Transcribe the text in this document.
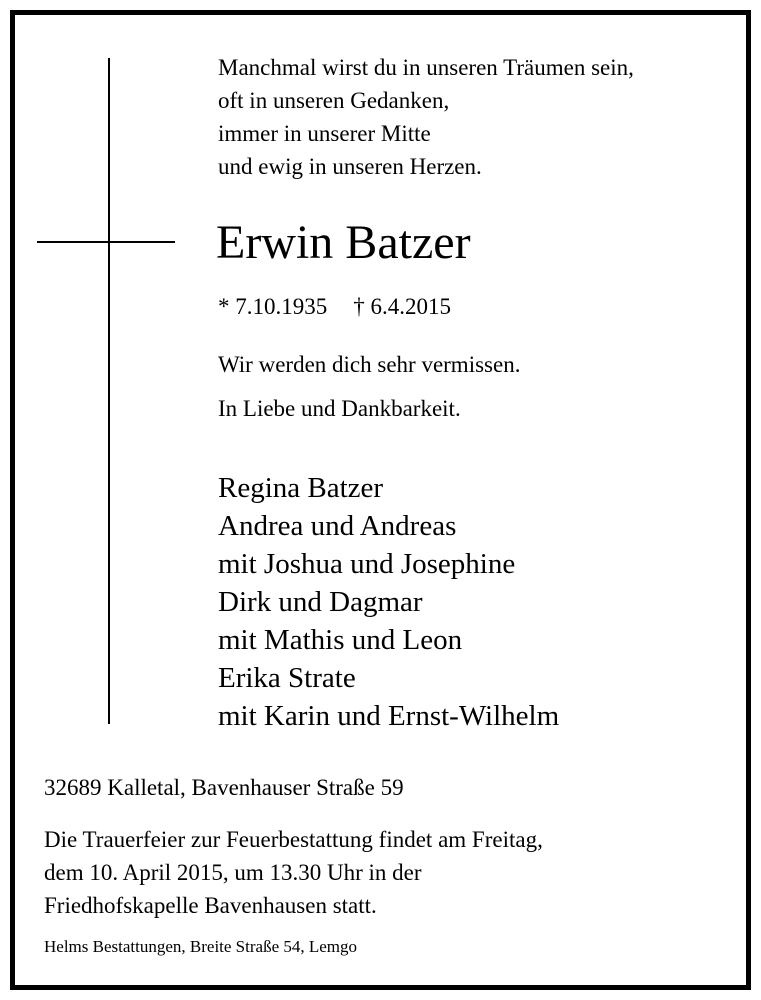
Manchmal wirst du in unseren Träumen sein,
oft in unseren Gedanken,
immer in unserer Mitte
und ewig in unseren Herzen.
Erwin Batzer
* 7.10.1935 † 6.4.2015
Wir werden dich sehr vermissen.
In Liebe und Dankbarkeit.
Regina Batzer
Andrea und Andreas
mit Joshua und Josephine
Dirk und Dagmar
mit Mathis und Leon
Erika Strate
mit Karin und Ernst-Wilhelm
32689 Kalletal, Bavenhauser Straße 59
Die Trauerfeier zur Feuerbestattung findet am Freitag,
dem 10. April 2015, um 13.30 Uhr in der
Friedhofskapelle Bavenhausen statt.
Helms Bestattungen, Breite Straße 54, Lemgo
